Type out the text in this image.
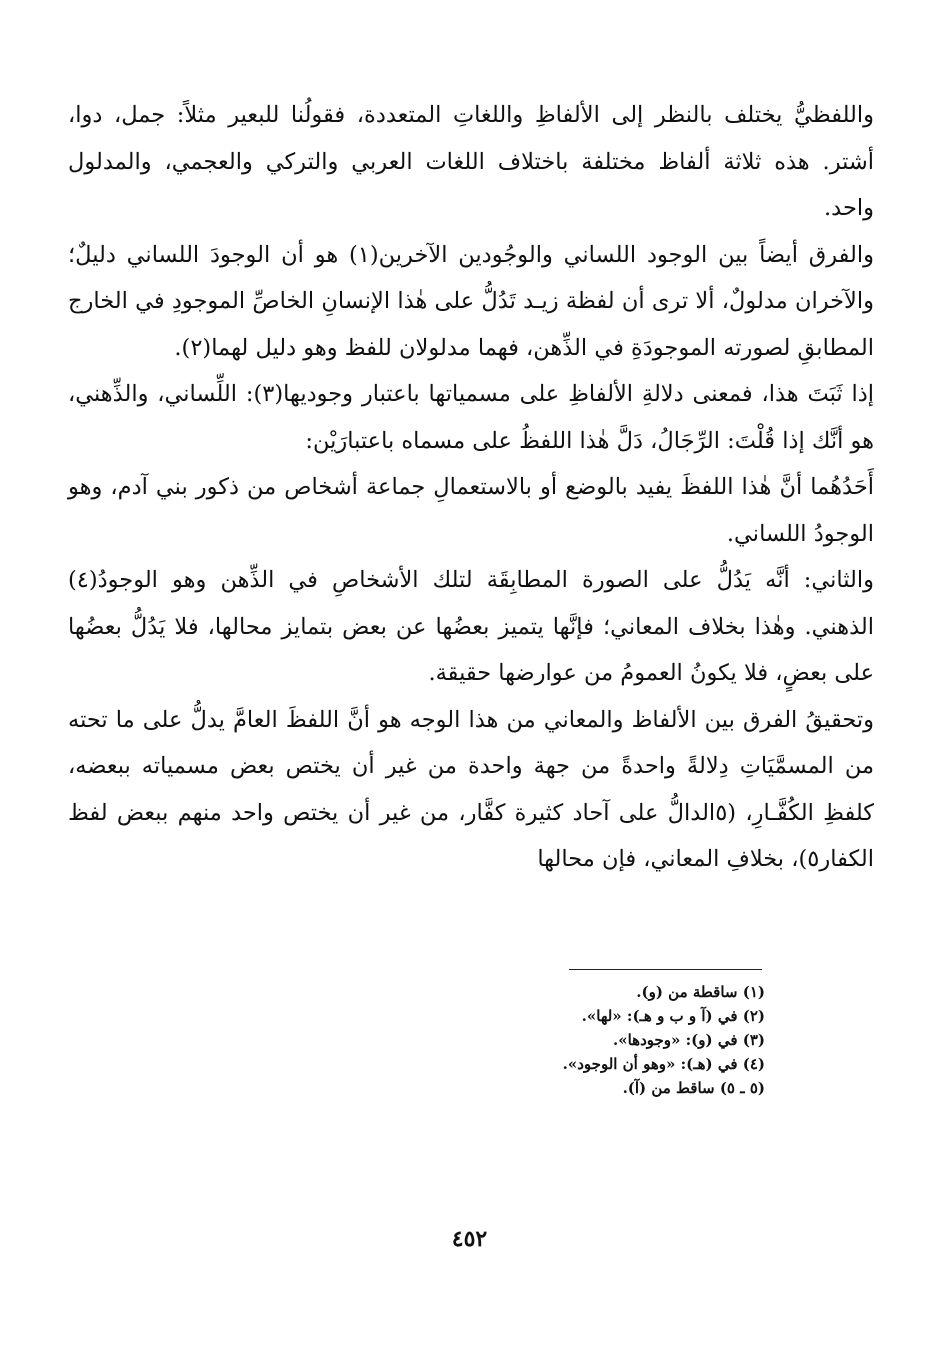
واللفظيُّ يختلف بالنظر إلى الألفاظِ واللغاتِ المتعددة، فقولُنا للبعير مثلاً: جمل، دوا، أشتر. هذه ثلاثة ألفاظ مختلفة باختلاف اللغات العربي والتركي والعجمي، والمدلول واحد.

والفرق أيضاً بين الوجود اللساني والوجُودين الآخرين(١) هو أن الوجودَ اللساني دليلٌ؛ والآخران مدلولٌ، ألا ترى أن لفظة زيـد تَدُلُّ على هٰذا الإنسانِ الخاصِّ الموجودِ في الخارج المطابقِ لصورته الموجودَةِ في الذِّهن، فهما مدلولان للفظ وهو دليل لهما(٢).

إذا ثَبَتَ هذا، فمعنى دلالةِ الألفاظِ على مسمياتها باعتبار وجوديها(٣): اللِّساني، والذِّهني، هو أنَّك إذا قُلْتَ: الرِّجَالُ، دَلَّ هٰذا اللفظُ على مسماه باعتبارَيْن:

أَحَدُهُما أنَّ هٰذا اللفظَ يفيد بالوضع أو بالاستعمالِ جماعة أشخاص من ذكور بني آدم، وهو الوجودُ اللساني.

والثاني: أنَّه يَدُلُّ على الصورة المطابِقَة لتلك الأشخاصِ في الذِّهن وهو الوجودُ(٤) الذهني. وهٰذا بخلاف المعاني؛ فإنَّها يتميز بعضُها عن بعض بتمايز محالها، فلا يَدُلُّ بعضُها على بعضٍ، فلا يكونُ العمومُ من عوارضها حقيقة.

وتحقيقُ الفرق بين الألفاظ والمعاني من هذا الوجه هو أنَّ اللفظَ العامَّ يدلُّ على ما تحته من المسمَّيَاتِ دِلالةً واحدةً من جهة واحدة من غير أن يختص بعض مسمياته ببعضه، كلفظِ الكُفَّـارِ، (٥الدالُّ على آحاد كثيرة كفَّار، من غير أن يختص واحد منهم ببعض لفظ الكفار٥)، بخلافِ المعاني، فإن محالها

(١) ساقطة من (و).
(٢) في (آ و ب و هـ): «لها».
(٣) في (و): «وجودها».
(٤) في (هـ): «وهو أن الوجود».
(٥ ـ ٥) ساقط من (آ).
٤٥٢
